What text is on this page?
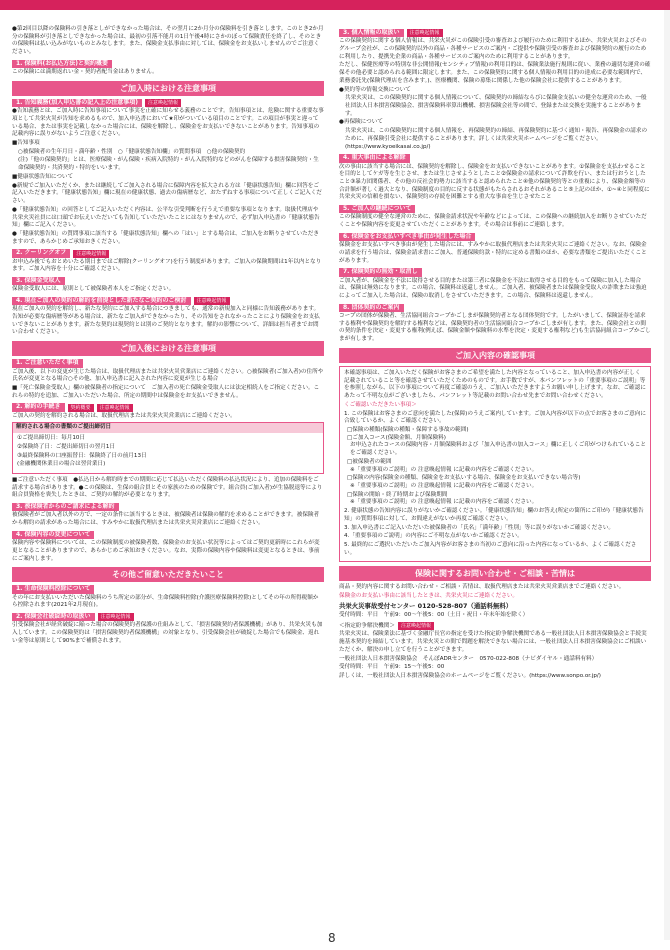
●第2回目以降の保険料の引き落としができなかった場合は、その翌月に2か月分の保険料を引き落とします。このとき2か月分の保険料が引き落としできなかった場合は、最初の引落不能月の1日午後4時にさかのぼって保険責任を終了し、そのときの保険料は払い込みがないものとみなします。また、保険金支払事由に対しては、保険金をお支払いしませんのでご注意ください。

1. 保険料(お払込方法)と契約概要

この保険には満期返れい金・契約者配当金はありません。

ご加入時における注意事項
1. 告知義務(加入申込書の記入上の注意事項)	注意喚起情報

●告知義務とは、ご加入時に告知事項について事実を正確に知らせる義務のことです。告知事項とは、危険に関する重要な事項として共栄火災が告知を求めるもので、加入申込書において★印がついている項目のことです。この項目が事実と違っている場合、または事実を記載しなかった場合には、保険を解除し、保険金をお支払いできないことがあります。告知事項の記載内容に誤りがないようご注意ください。

■告知事項

○被保険者の生年月日・満年齢・性別　○「健康状態告知欄」の質問事項　○他の保険契約

(注)「他の保険契約」とは、医療保険・がん保険・疾病入院特約・がん入院特約などのがんを保障する損害保険契約・生命保険契約・共済契約・特約をいいます。

■健康状態告知について

●新規でご加入いただくか、または継続してご加入される場合に保障内容を拡大される方は「健康状態告知」欄に回答をご記入いただきます。「健康状態告知」欄に現在の健康状態、過去の傷病歴など、おたずねする事項について正しくご記入ください。

●「健康状態告知」の回答としてご記入いただく内容は、公平な引受判断を行うえで重要な事項となります。取扱代理店や共栄火災社員には口頭でお伝えいただいても告知していただいたことにはなりませんので、必ず加入申込書の「健康状態告知」欄にご記入ください。

●「健康状態告知」の質問事項に該当する「健康状態告知」欄への「はい」とする場合は、ご加入をお断りさせていただきますので、あらかじめご承知おきください。

2. クーリングオフ	注意喚起情報

お申込み後でもおとめいたる期日まではご解除(クーリングオフ)を行う制度があります。ご加入の保険期間は1年以内となります。ご加入内容を十分にご確認ください。

3. 保険金受取人

保険金受取人には、原則として被保険者本人をご指定ください。

4. 現在ご加入の契約の解約を前提とした新たなご契約のご検討	注意喚起情報

現在ご加入の契約を解約し、新たな契約にご加入する場合につきましても、通常の新規加入と同様に告知義務があります。告知が必要な傷病歴等がある場合は、新たなご加入ができなかったり、その告知をされなかったことにより保険金をお支払いできないことがあります。新たな契約は現契約とは別のご契約となります。解約の影響について、詳細は担当者までお問い合わせください。

ご加入後における注意事項
1. ご注意いただく事項

ご加入後、以下の変更が生じた場合は、取扱代理店または共栄火災営業店にご連絡ください。○被保険者(ご加入者)の住所や氏名が変更となる場合○その他、加入申込書に記入された内容に変更が生じる場合

■「死亡保険金受取人」欄の被保険者の指定について　ご加入者の死亡保険金受取人には法定相続人をご指定ください。これらの特約を追加、ご加入いただいた場合、所定の期間中は保険金をお支払いできません。

2. 解約の手続き	契約概要	注意喚起情報

ご加入の契約を解約される場合は、取扱代理店または共栄火災営業店にご連絡ください。

解約される場合の書類のご提出締切日

①ご提出締切日：毎月10日

②保険終了日：ご提出締切日の翌月1日

③最終保険料の口座振替日：保険終了日の前月13日

(金融機関休業日の場合は翌営業日)

■ご注意いただく事項　●払込日から解約時までの期間に応じて払込いただく保険料の払込状況により、追加の保険料をご請求する場合があります。●この保険は、生保の組合員とその家族のための保険です。組合員(ご加入者)が生協脱退等により組合員資格を喪失したときは、ご契約の解約が必要となります。

3. 被保険者からのご請求による解約

被保険者がご加入者以外の方で、一定の条件に該当するときは、被保険者は保険の解約を求めることができます。被保険者から解約の請求があった場合には、すみやかに取扱代理店または共栄火災営業店にご連絡ください。

4. 保険内容の変更について

保険内容や保険料については、この保険制度の被保険者数、保険金のお支払い状況等によってはご契約更新時にこれらが変更となることがありますので、あらかじめご承知おきください。なお、実際の保険内容や保険料は変更となるときは、事前にご案内します。

その他ご留意いただきたいこと
1. 生命保険料控除について

その年にお支払いいただいた保険料のうち所定の部分が、生命保険料控除(介護医療保険料控除)としてその年の所得税額から控除されます(2021年2月現在)。

2. 保険会社破綻時の取扱い	注意喚起情報

引受保険会社が経営破綻に陥った場合の保険契約者保護の仕組みとして、「損害保険契約者保護機構」があり、共栄火災も加入しています。この保険契約は「損害保険契約者保護機構」の対象となり、引受保険会社が破綻した場合でも保険金、返れい金等は原則として90%まで補償されます。

3. 個人情報の取扱い	注意喚起情報

この保険契約に関する個人情報は、共栄火災がこの保険引受の審査および履行のために利用するほか、共栄火災およびそのグループ会社が、この保険契約以外の商品・各種サービスのご案内・ご提供や保険引受の審査および保険契約の履行のために利用したり、提携先企業の商品・各種サービスのご案内のために利用することがあります。

ただし、保健医療等の特別な非公開情報(センシティブ情報)の利用目的は、保険業法施行規則に従い、業務の適切な運営の確保その他必要と認められる範囲に限定します。また、この保険契約に関する個人情報の利用目的の達成に必要な範囲内で、業務委託先(保険代理店を含みます。)、医療機関、保険の募集に関係した他の保険会社に提供することがあります。

●契約等の情報交換について

共栄火災は、この保険契約に関する個人情報について、保険契約の締結ならびに保険金支払いの健全な運営のため、一般社団法人日本損害保険協会、損害保険料率算出機構、損害保険会社等の間で、登録または交換を実施することがあります。

●再保険について

共栄火災は、この保険契約に関する個人情報を、再保険契約の締結、再保険契約に基づく通知・報告、再保険金の請求のために、再保険引受会社に提供することがあります。詳しくは共栄火災ホームページをご覧ください。(https://www.kyoeikasai.co.jp/)

4. 重大事由による解除

次の事由に該当する場合には、保険契約を解除し、保険金をお支払いできないことがあります。①保険金を支払わせることを目的としてケガ等を生じさせ、または生じさせようとしたこと②保険金の請求について詐欺を行い、または行おうとしたこと③暴力団関係者、その他の反社会的勢力に該当すると認められたこと④他の保険契約等との重複により、保険金額等の合計額が著しく過大となり、保険制度の目的に反する状態がもたらされるおそれがあること⑤上記のほか、①~④と同程度に共栄火災の信頼を損ない、保険契約の存続を困難とする重大な事由を生じさせたこと

5. ご加入の継続について

この保険制度の健全な運営のために、保険金請求状況や年齢などによっては、この保険への継続加入をお断りさせていただくことや保険内容を変更させていただくことがあります。その場合は事前にご連絡します。

6. 保険金をお支払いすべき事由が発生した場合

保険金をお支払いすべき事由が発生した場合には、すみやかに取扱代理店または共栄火災にご連絡ください。なお、保険金の請求を行う場合は、保険金請求書にご加入、普通保険約款・特約に定める書類のほか、必要な書類をご提出いただくことがあります。

7. 保険契約の無効・取消し

ご加入者が、保険金を不法に取得させる目的または第三者に保険金を不法に取得させる目的をもって保険に加入した場合は、保険は無効になります。この場合、保険料は返還しません。ご加入者、被保険者または保険金受取人の詐欺または強迫によってご加入した場合は、保険の取消しをさせていただきます。この場合、保険料は返還しません。

8. 団体契約のご案内

コープの団体が保険者、生活協同組合コープかごしまが保険契約者となる団体契約です。したがいまして、保険証券を請求する権利や保険契約を解約する権利などは、保険契約者の生活協同組合コープかごしまが有します。また、保険会社との間の契約条件を決定・変更する権利(例えば、保険金額や保険料の水準を決定・変更する権利など)も生活協同組合コープかごしまが有します。

ご加入内容の確認事項

本確認事項は、ご加入いただく保険がお客さまのご希望を満たした内容となっていること、加入申込書の内容が正しく記載されていること等を確認させていただくためのものです。お手数ですが、本パンフレットの「重要事項のご説明」等を参照しながら、以下の事項について再度ご確認のうえ、ご加入いただきますようお願い申し上げます。なお、ご確認にあたって不明な点がございましたら、パンフレット等記載のお問い合わせ先までお問い合わせください。

くご確認いただきたい事項＞

1. この保険はお客さまのご意向を満たした(保障)のうえご案内しています。ご加入内容が以下の点でお客さまのご意向に合致しているか、よくご確認ください。

□保険の種類(保険の種類・保障する事故の範囲)
□ご加入コース(保険金額、月額保険料)

お申込されたコースの保険内容・月額保険料および「加入申込書の加入コース」欄に正しくご印がつけられていることをご確認ください。

□被保険者の範囲

※「重要事項のご説明」の 注意喚起情報 に記載の内容をご確認ください。

□保険の内容(保険金の種類、保険金をお支払いする場合、保険金をお支払いできない場合等)

※「重要事項のご説明」の 注意喚起情報 に記載の内容をご確認ください。

□保険の開始・終了時期および保険期間

※「重要事項のご説明」の 注意喚起情報 に記載の内容をご確認ください。

2. 健康状態の告知内容に誤りがないかご確認ください。「健康状態告知」欄のお答え(所定の箇所にご印が)「健康状態告知」の質問事項に対して、お間違えがないか再度ご確認ください。

3. 加入申込書にご記入いただいた被保険者の「氏名」「満年齢」「性別」等に誤りがないかご確認ください。

4.「重要事項のご説明」の内容にご不明な点がないかご確認ください。

5. 最終的にご選択いただいたご加入内容がお客さまの当初のご意向に沿った内容になっているか、よくご確認ください。

保険に関するお問い合わせ・ご相談・苦情は

商品・契約内容に関するお問い合わせ・ご相談・苦情は、取扱代理店または共栄火災営業店までご連絡ください。

保険金のお支払い事由に該当したときは、共栄火災にご連絡ください。

共栄火災事故受付センター 0120-528-807（通話料無料）

受付時間：平日　午前9：00〜午後5：00（土日・祝日・年末年始を除く）

＜指定紛争解決機関＞	注意喚起情報

共栄火災は、保険業法に基づく金融庁長官の指定を受けた指定紛争解決機関である一般社団法人日本損害保険協会と手続実施基本契約を締結しています。共栄火災との間で問題を解決できない場合には、一般社団法人日本損害保険協会にご相談いただくか、解決の申し立てを行うことができます。

一般社団法人日本損害保険協会　そんぽADRセンター　0570-022-808（ナビダイヤル・通話料有料）

受付時間：平日　午前9：15〜午後5：00

詳しくは、一般社団法人日本損害保険協会のホームページをご覧ください。(https://www.sonpo.or.jp/)

8
